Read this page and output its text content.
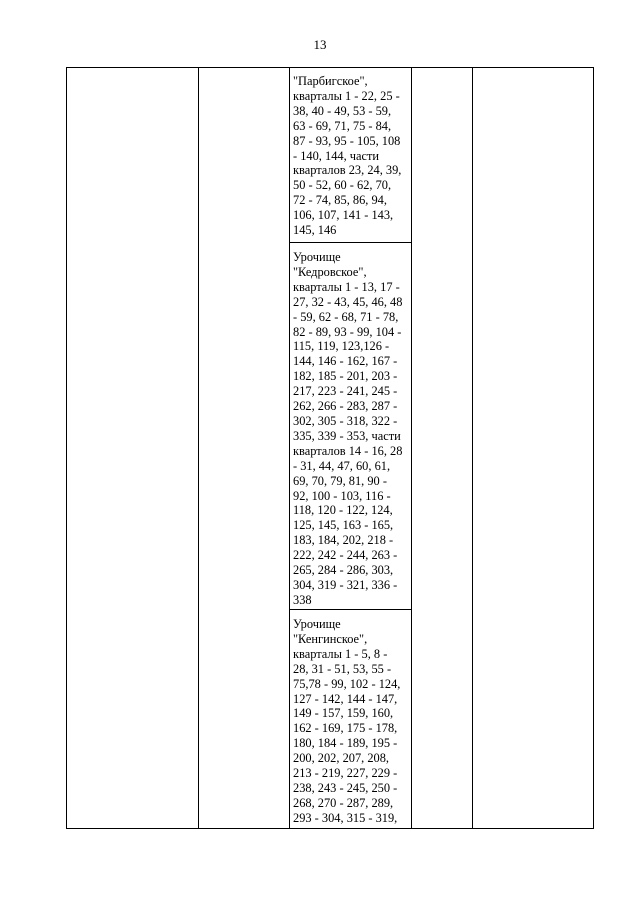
13
"Парбигское",
кварталы 1 - 22, 25 -
38, 40 - 49, 53 - 59,
63 - 69, 71, 75 - 84,
87 - 93, 95 - 105, 108
- 140, 144, части
кварталов 23, 24, 39,
50 - 52, 60 - 62, 70,
72 - 74, 85, 86, 94,
106, 107, 141 - 143,
145, 146
Урочище
"Кедровское",
кварталы 1 - 13, 17 -
27, 32 - 43, 45, 46, 48
- 59, 62 - 68, 71 - 78,
82 - 89, 93 - 99, 104 -
115, 119, 123,126 -
144, 146 - 162, 167 -
182, 185 - 201, 203 -
217, 223 - 241, 245 -
262, 266 - 283, 287 -
302, 305 - 318, 322 -
335, 339 - 353, части
кварталов 14 - 16, 28
- 31, 44, 47, 60, 61,
69, 70, 79, 81, 90 -
92, 100 - 103, 116 -
118, 120 - 122, 124,
125, 145, 163 - 165,
183, 184, 202, 218 -
222, 242 - 244, 263 -
265, 284 - 286, 303,
304, 319 - 321, 336 -
338
Урочище
"Кенгинское",
кварталы 1 - 5, 8 -
28, 31 - 51, 53, 55 -
75,78 - 99, 102 - 124,
127 - 142, 144 - 147,
149 - 157, 159, 160,
162 - 169, 175 - 178,
180, 184 - 189, 195 -
200, 202, 207, 208,
213 - 219, 227, 229 -
238, 243 - 245, 250 -
268, 270 - 287, 289,
293 - 304, 315 - 319,
